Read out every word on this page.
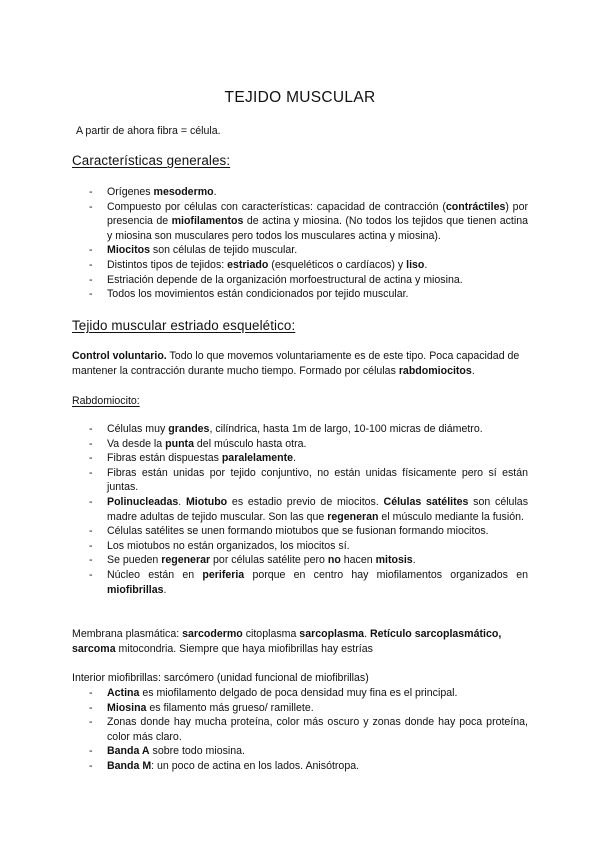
TEJIDO MUSCULAR
A partir de ahora fibra = célula.
Características generales:
- Orígenes mesodermo.
- Compuesto por células con características: capacidad de contracción (contráctiles) por presencia de miofilamentos de actina y miosina. (No todos los tejidos que tienen actina y miosina son musculares pero todos los musculares actina y miosina).
- Miocitos son células de tejido muscular.
- Distintos tipos de tejidos: estriado (esqueléticos o cardíacos) y liso.
- Estriación depende de la organización morfoestructural de actina y miosina.
- Todos los movimientos están condicionados por tejido muscular.
Tejido muscular estriado esquelético:
Control voluntario. Todo lo que movemos voluntariamente es de este tipo. Poca capacidad de mantener la contracción durante mucho tiempo. Formado por células rabdomiocitos.
Rabdomiocito:
- Células muy grandes, cilíndrica, hasta 1m de largo, 10-100 micras de diámetro.
- Va desde la punta del músculo hasta otra.
- Fibras están dispuestas paralelamente.
- Fibras están unidas por tejido conjuntivo, no están unidas físicamente pero sí están juntas.
- Polinucleadas. Miotubo es estadio previo de miocitos. Células satélites son células madre adultas de tejido muscular. Son las que regeneran el músculo mediante la fusión.
- Células satélites se unen formando miotubos que se fusionan formando miocitos.
- Los miotubos no están organizados, los miocitos sí.
- Se pueden regenerar por células satélite pero no hacen mitosis.
- Núcleo están en periferia porque en centro hay miofilamentos organizados en miofibrillas.
Membrana plasmática: sarcodermo citoplasma sarcoplasma. Retículo sarcoplasmático, sarcoma mitocondria. Siempre que haya miofibrillas hay estrías
Interior miofibrillas: sarcómero (unidad funcional de miofibrillas)
- Actina es miofilamento delgado de poca densidad muy fina es el principal.
- Miosina es filamento más grueso/ ramillete.
- Zonas donde hay mucha proteína, color más oscuro y zonas donde hay poca proteína, color más claro.
- Banda A sobre todo miosina.
- Banda M: un poco de actina en los lados. Anisótropa.
